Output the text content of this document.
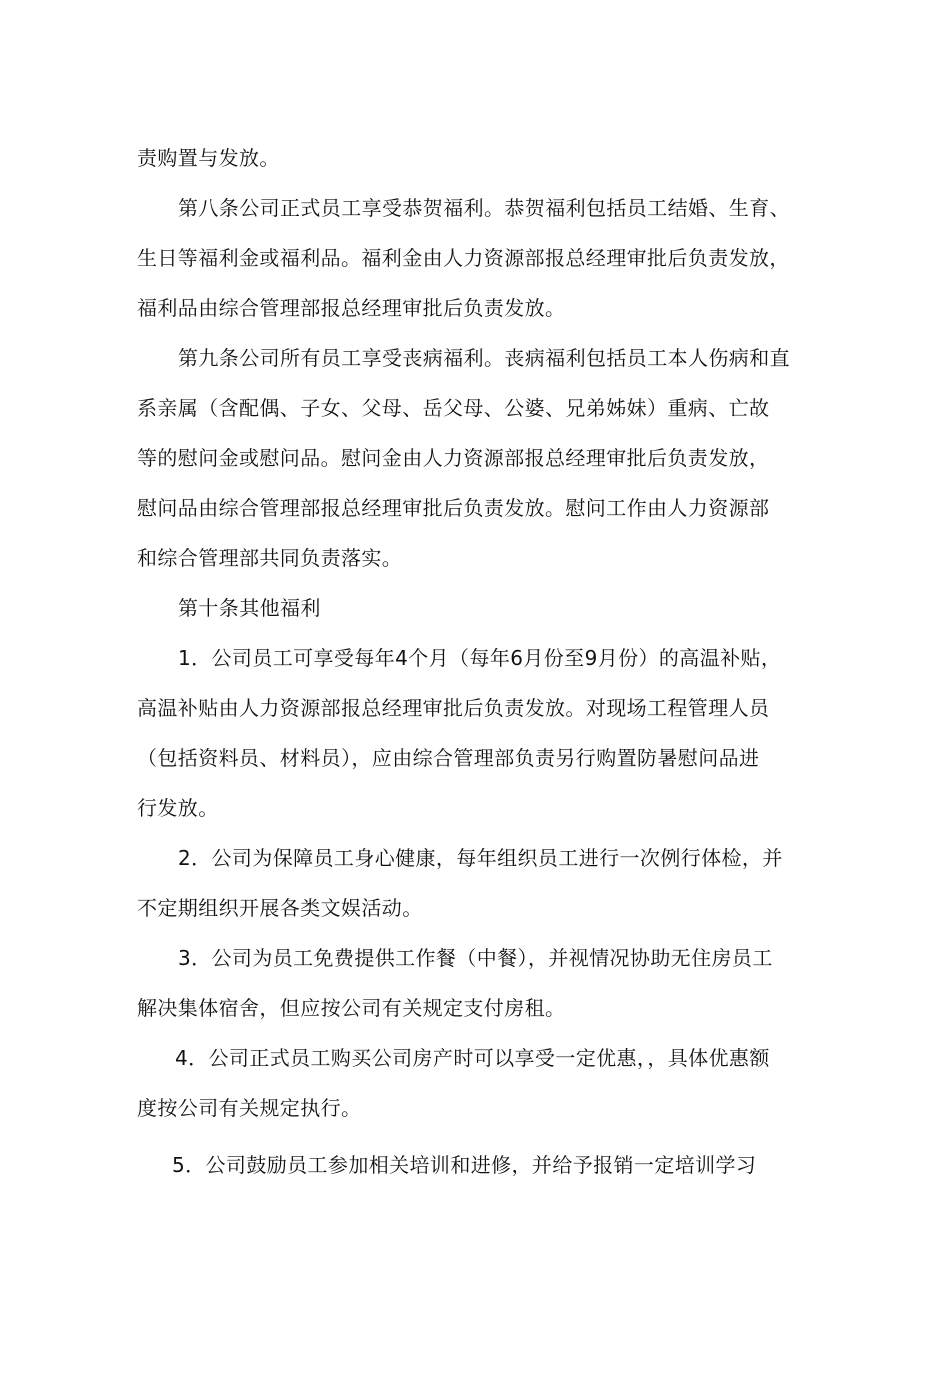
责购置与发放。
第八条公司正式员工享受恭贺福利。恭贺福利包括员工结婚、生育、
生日等福利金或福利品。福利金由人力资源部报总经理审批后负责发放，
福利品由综合管理部报总经理审批后负责发放。
第九条公司所有员工享受丧病福利。丧病福利包括员工本人伤病和直
系亲属（含配偶、子女、父母、岳父母、公婆、兄弟姊妹）重病、亡故
等的慰问金或慰问品。慰问金由人力资源部报总经理审批后负责发放，
慰问品由综合管理部报总经理审批后负责发放。慰问工作由人力资源部
和综合管理部共同负责落实。
第十条其他福利
1．公司员工可享受每年4个月（每年6月份至9月份）的高温补贴，
高温补贴由人力资源部报总经理审批后负责发放。对现场工程管理人员
（包括资料员、材料员），应由综合管理部负责另行购置防暑慰问品进
行发放。
2．公司为保障员工身心健康，每年组织员工进行一次例行体检，并
不定期组织开展各类文娱活动。
3．公司为员工免费提供工作餐（中餐），并视情况协助无住房员工
解决集体宿舍，但应按公司有关规定支付房租。
4．公司正式员工购买公司房产时可以享受一定优惠，，具体优惠额
度按公司有关规定执行。
5．公司鼓励员工参加相关培训和进修，并给予报销一定培训学习
